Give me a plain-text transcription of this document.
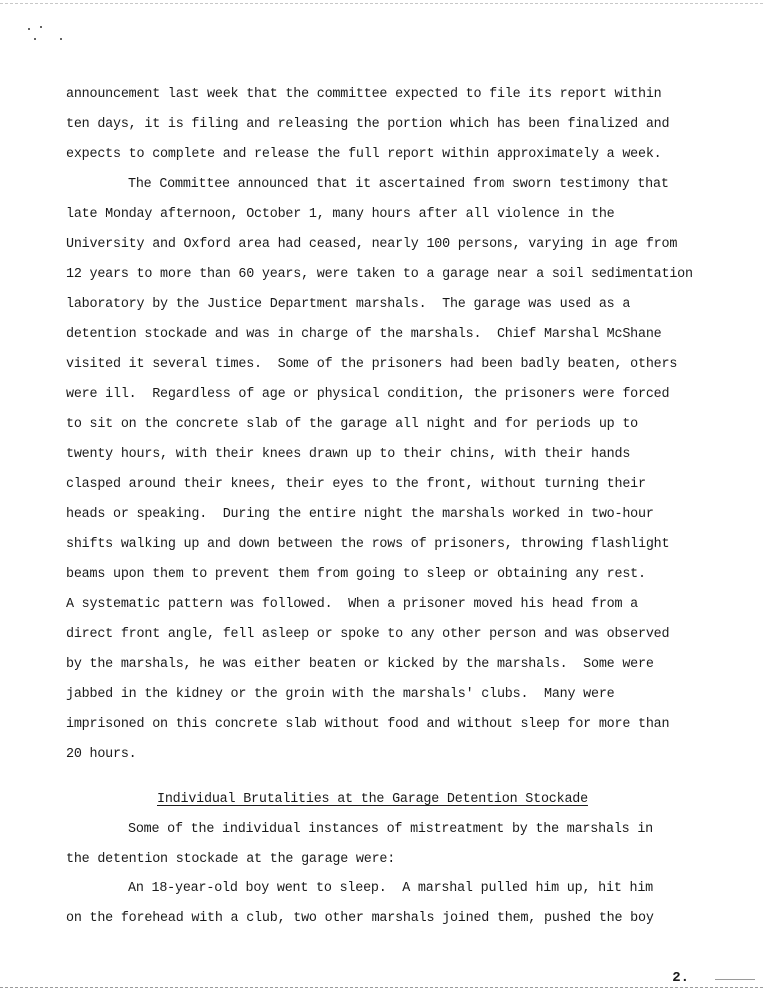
announcement last week that the committee expected to file its report within
ten days, it is filing and releasing the portion which has been finalized and
expects to complete and release the full report within approximately a week.
The Committee announced that it ascertained from sworn testimony that
late Monday afternoon, October 1, many hours after all violence in the
University and Oxford area had ceased, nearly 100 persons, varying in age from
12 years to more than 60 years, were taken to a garage near a soil sedimentation
laboratory by the Justice Department marshals.  The garage was used as a
detention stockade and was in charge of the marshals.  Chief Marshal McShane
visited it several times.  Some of the prisoners had been badly beaten, others
were ill.  Regardless of age or physical condition, the prisoners were forced
to sit on the concrete slab of the garage all night and for periods up to
twenty hours, with their knees drawn up to their chins, with their hands
clasped around their knees, their eyes to the front, without turning their
heads or speaking.  During the entire night the marshals worked in two-hour
shifts walking up and down between the rows of prisoners, throwing flashlight
beams upon them to prevent them from going to sleep or obtaining any rest.
A systematic pattern was followed.  When a prisoner moved his head from a
direct front angle, fell asleep or spoke to any other person and was observed
by the marshals, he was either beaten or kicked by the marshals.  Some were
jabbed in the kidney or the groin with the marshals' clubs.  Many were
imprisoned on this concrete slab without food and without sleep for more than
20 hours.
Individual Brutalities at the Garage Detention Stockade
Some of the individual instances of mistreatment by the marshals in
the detention stockade at the garage were:
An 18-year-old boy went to sleep.  A marshal pulled him up, hit him
on the forehead with a club, two other marshals joined them, pushed the boy
2.
